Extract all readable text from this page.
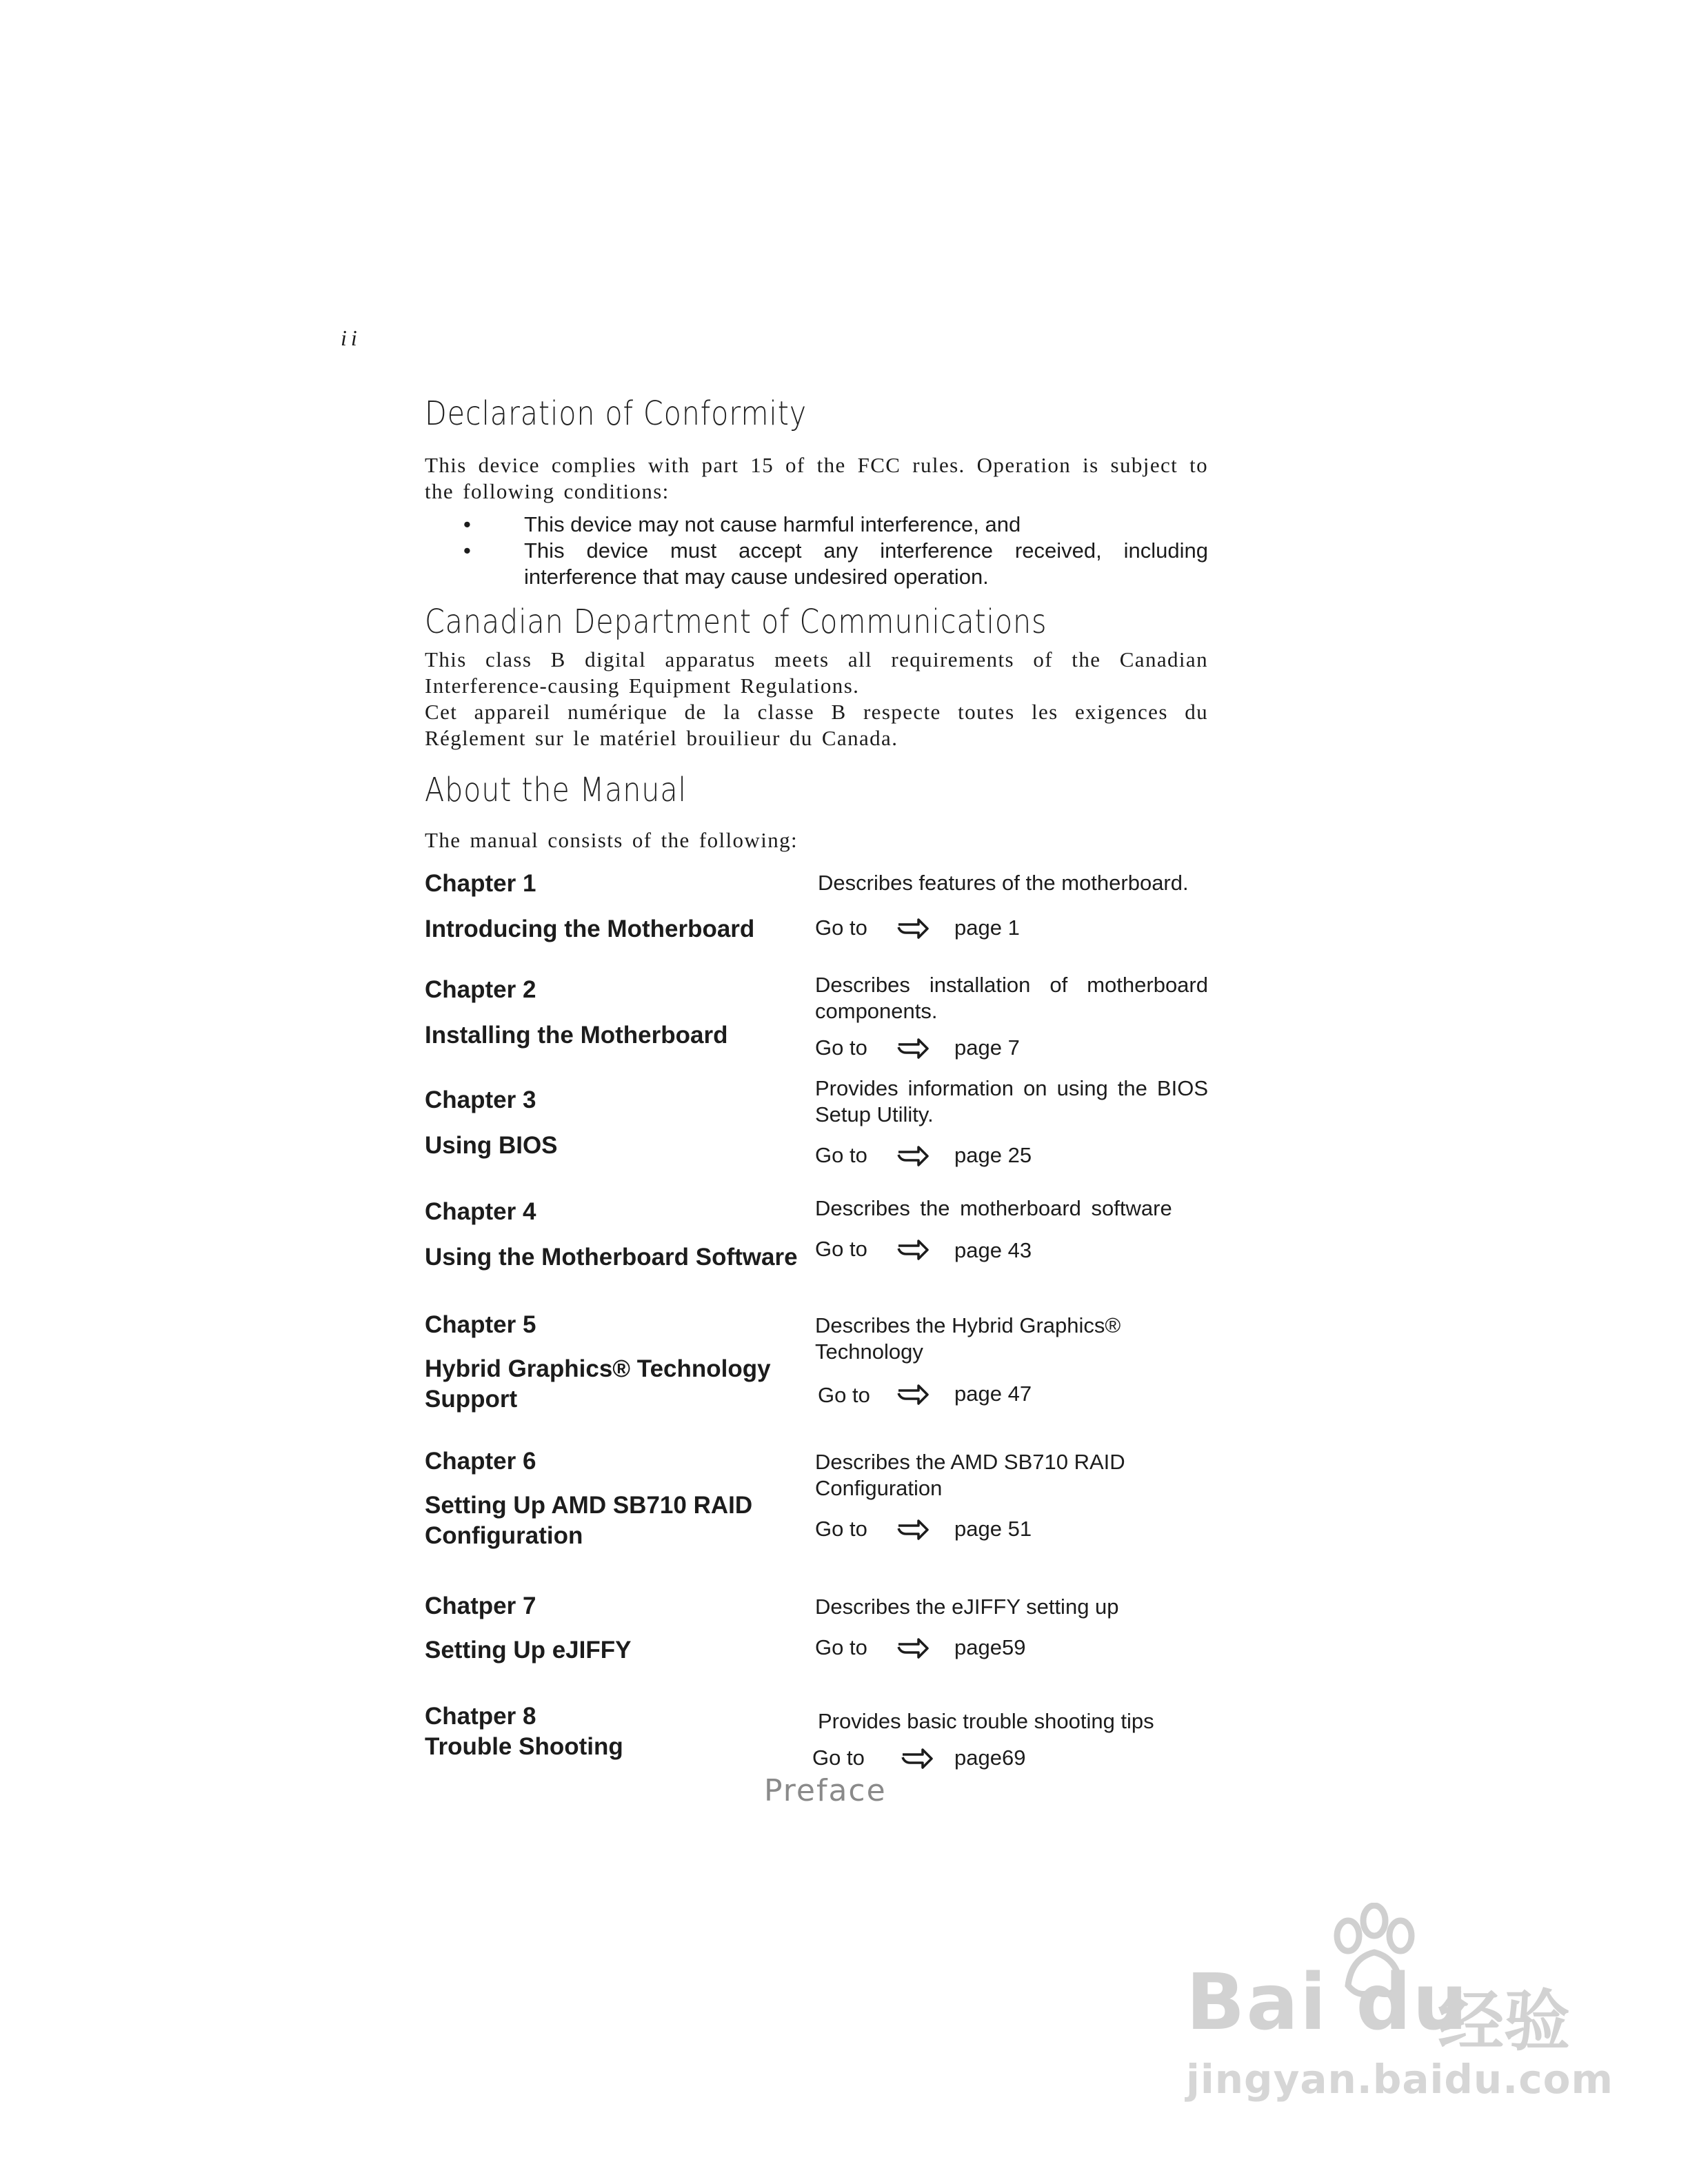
ii
Declaration of Conformity
This device complies with part 15 of the FCC rules. Operation is subject to the following conditions:
• This device may not cause harmful interference, and
• This device must accept any interference received, including interference that may cause undesired operation.
Canadian Department of Communications
This class B digital apparatus meets all requirements of the Canadian Interference-causing Equipment Regulations.
Cet appareil numérique de la classe B respecte toutes les exigences du Réglement sur le matériel brouilieur du Canada.
About the Manual
The manual consists of the following:
Chapter 1
Introducing the Motherboard
Describes features of the motherboard.
Go to	page 1
Chapter 2
Installing the Motherboard
Describes installation of motherboard components.
Go to	page 7
Chapter 3
Using BIOS
Provides information on using the BIOS Setup Utility.
Go to	page 25
Chapter 4
Using the Motherboard Software
Describes the motherboard software
Go to	page 43
Chapter 5
Hybrid Graphics® Technology Support
Describes the Hybrid Graphics® Technology
Go to	page 47
Chapter 6
Setting Up AMD SB710 RAID Configuration
Describes the AMD SB710 RAID Configuration
Go to	page 51
Chatper 7
Setting Up eJIFFY
Describes the eJIFFY setting up
Go to	page59
Chatper 8
Trouble Shooting
Provides basic trouble shooting tips
Go to	page69
Preface
Bai du
经验
jingyan.baidu.com
